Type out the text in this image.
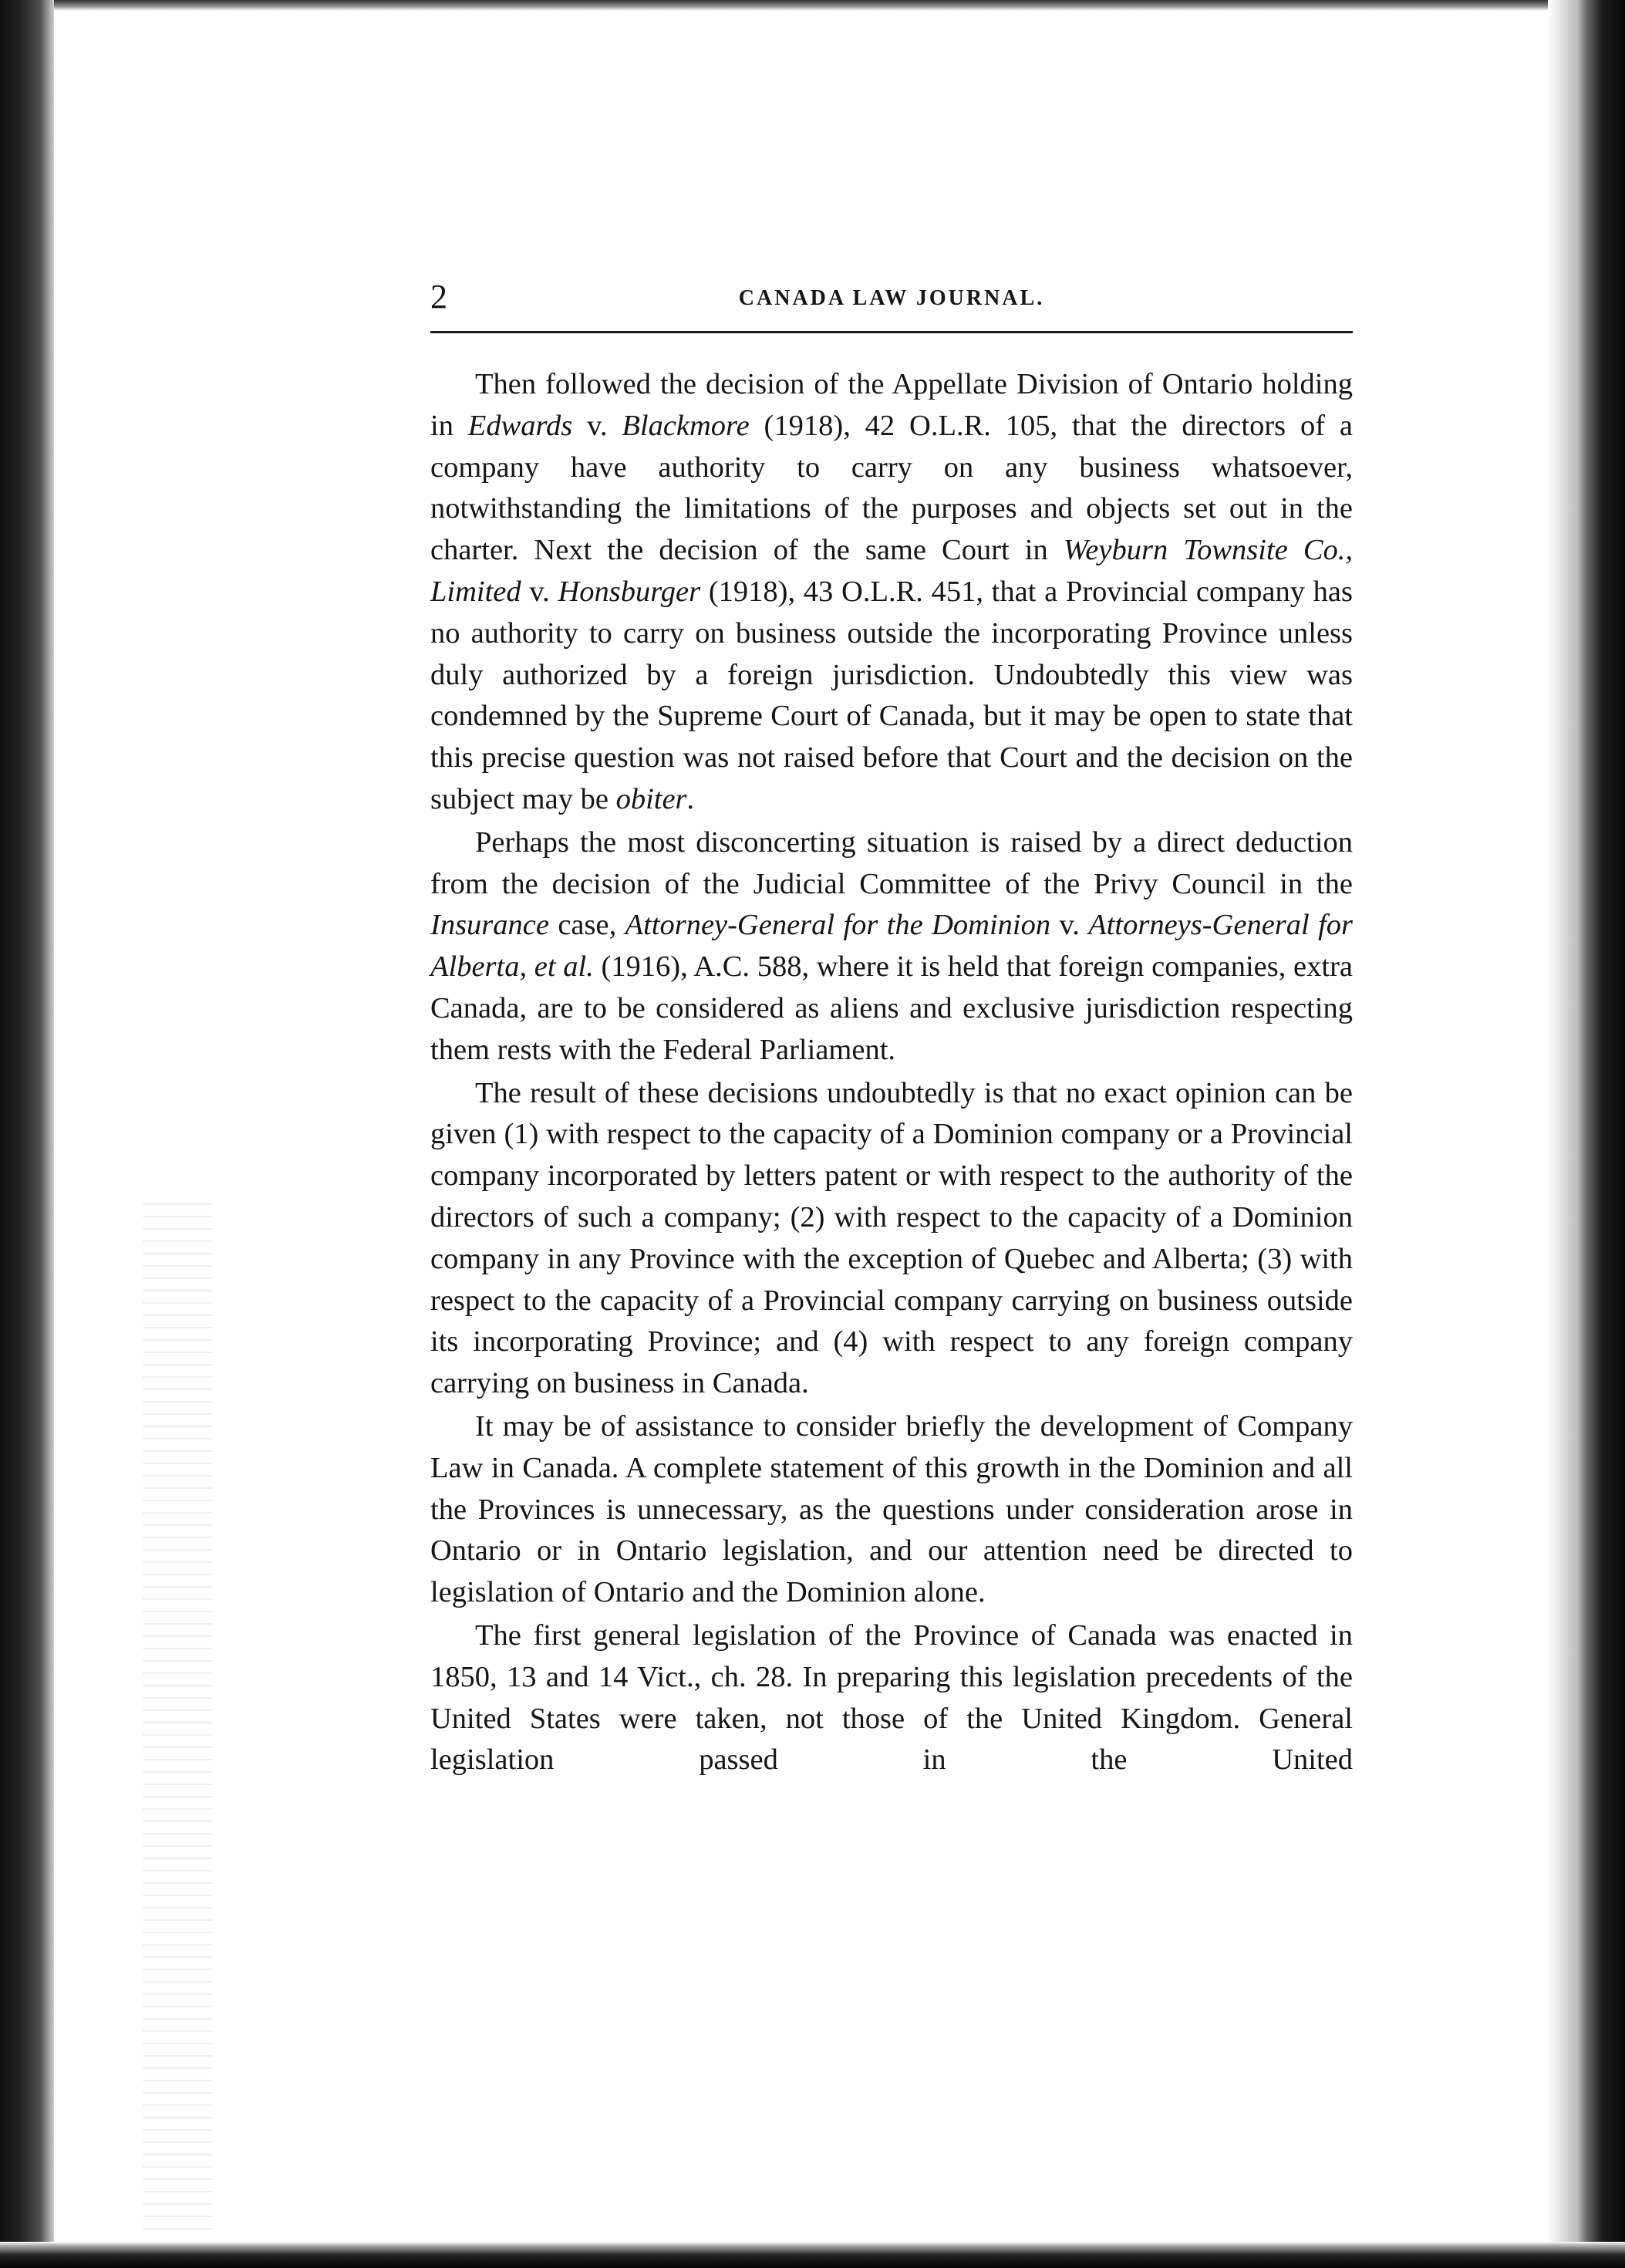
2	CANADA LAW JOURNAL.

Then followed the decision of the Appellate Division of Ontario holding in Edwards v. Blackmore (1918), 42 O.L.R. 105, that the directors of a company have authority to carry on any business whatsoever, notwithstanding the limitations of the purposes and objects set out in the charter. Next the decision of the same Court in Weyburn Townsite Co., Limited v. Honsburger (1918), 43 O.L.R. 451, that a Provincial company has no authority to carry on business outside the incorporating Province unless duly authorized by a foreign jurisdiction. Undoubtedly this view was condemned by the Supreme Court of Canada, but it may be open to state that this precise question was not raised before that Court and the decision on the subject may be obiter.

Perhaps the most disconcerting situation is raised by a direct deduction from the decision of the Judicial Committee of the Privy Council in the Insurance case, Attorney-General for the Dominion v. Attorneys-General for Alberta, et al. (1916), A.C. 588, where it is held that foreign companies, extra Canada, are to be considered as aliens and exclusive jurisdiction respecting them rests with the Federal Parliament.

The result of these decisions undoubtedly is that no exact opinion can be given (1) with respect to the capacity of a Dominion company or a Provincial company incorporated by letters patent or with respect to the authority of the directors of such a company; (2) with respect to the capacity of a Dominion company in any Province with the exception of Quebec and Alberta; (3) with respect to the capacity of a Provincial company carrying on business outside its incorporating Province; and (4) with respect to any foreign company carrying on business in Canada.

It may be of assistance to consider briefly the development of Company Law in Canada. A complete statement of this growth in the Dominion and all the Provinces is unnecessary, as the questions under consideration arose in Ontario or in Ontario legislation, and our attention need be directed to legislation of Ontario and the Dominion alone.

The first general legislation of the Province of Canada was enacted in 1850, 13 and 14 Vict., ch. 28. In preparing this legislation precedents of the United States were taken, not those of the United Kingdom. General legislation passed in the United
